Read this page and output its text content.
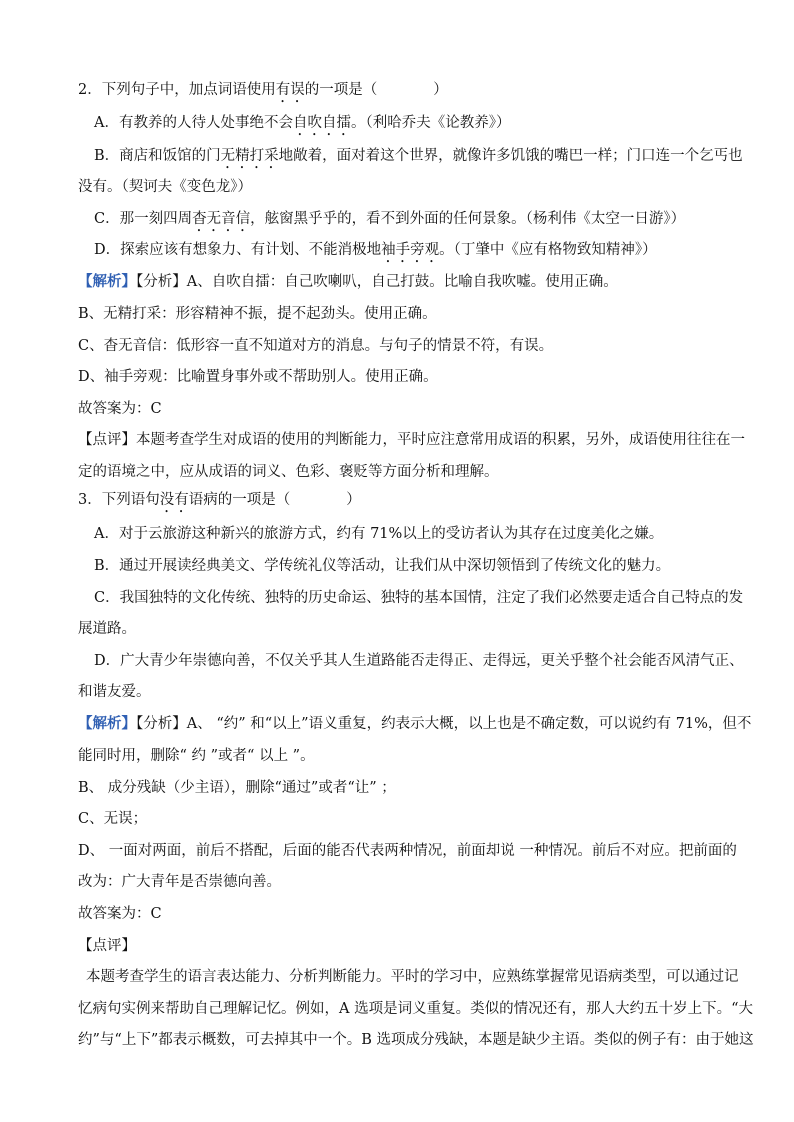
2．下列句子中，加点词语使用有误的一项是（	）
A．有教养的人待人处事绝不会自吹自擂。（利哈乔夫《论教养》）
B．商店和饭馆的门无精打采地敞着，面对着这个世界，就像许多饥饿的嘴巴一样；门口连一个乞丐也
没有。（契诃夫《变色龙》）
C．那一刻四周杳无音信，舷窗黑乎乎的，看不到外面的任何景象。（杨利伟《太空一日游》）
D．探索应该有想象力、有计划、不能消极地袖手旁观。（丁肇中《应有格物致知精神》）
【解析】【分析】A、自吹自擂：自己吹喇叭，自己打鼓。比喻自我吹嘘。使用正确。
B、无精打采：形容精神不振，提不起劲头。使用正确。
C、杳无音信：低形容一直不知道对方的消息。与句子的情景不符，有误。
D、袖手旁观：比喻置身事外或不帮助别人。使用正确。
故答案为：C
【点评】本题考查学生对成语的使用的判断能力，平时应注意常用成语的积累，另外，成语使用往往在一
定的语境之中，应从成语的词义、色彩、褒贬等方面分析和理解。
3．下列语句没有语病的一项是（	）
A．对于云旅游这种新兴的旅游方式，约有 71%以上的受访者认为其存在过度美化之嫌。
B．通过开展读经典美文、学传统礼仪等活动，让我们从中深切领悟到了传统文化的魅力。
C．我国独特的文化传统、独特的历史命运、独特的基本国情，注定了我们必然要走适合自己特点的发
展道路。
D．广大青少年崇德向善，不仅关乎其人生道路能否走得正、走得远，更关乎整个社会能否风清气正、
和谐友爱。
【解析】【分析】A、 “约” 和“以上”语义重复，约表示大概，以上也是不确定数，可以说约有 71%，但不
能同时用，删除“ 约 ”或者“ 以上 ”。
B、 成分残缺（少主语），删除“通过”或者“让” ；
C、无误；
D、 一面对两面，前后不搭配，后面的能否代表两种情况，前面却说 一种情况。前后不对应。把前面的
改为：广大青年是否崇德向善。
故答案为：C
【点评】
本题考查学生的语言表达能力、分析判断能力。平时的学习中，应熟练掌握常见语病类型，可以通过记
忆病句实例来帮助自己理解记忆。例如，A 选项是词义重复。类似的情况还有，那人大约五十岁上下。“大
约”与“上下”都表示概数，可去掉其中一个。B 选项成分残缺，本题是缺少主语。类似的例子有：由于她这
